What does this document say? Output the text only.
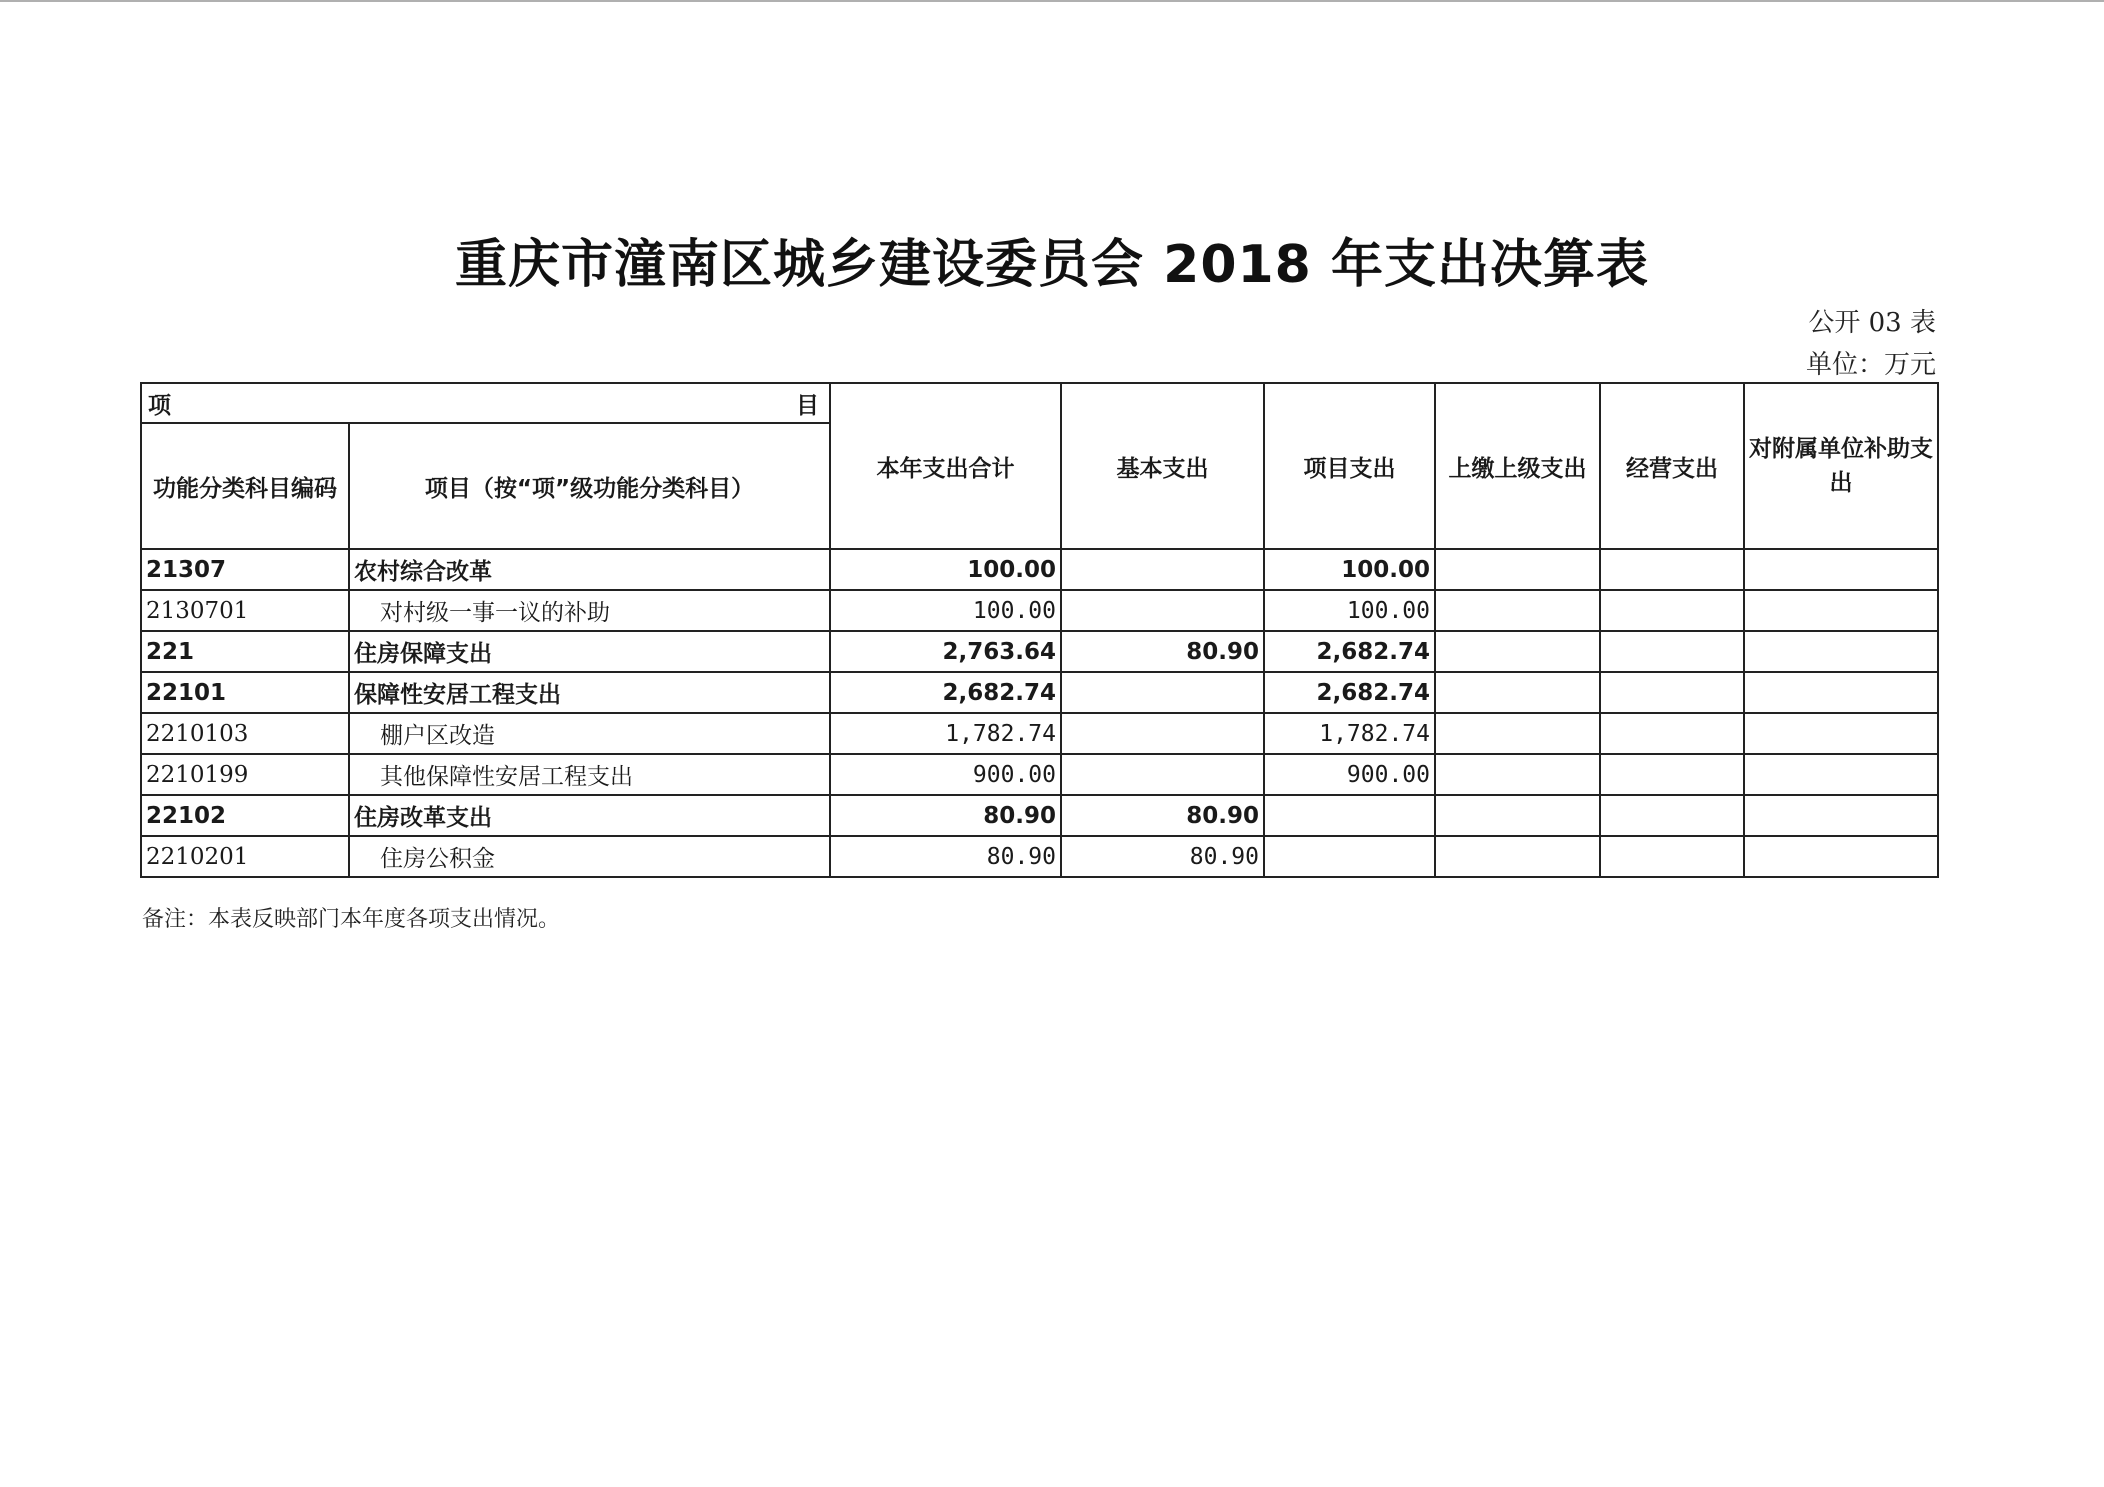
重庆市潼南区城乡建设委员会 2018 年支出决算表
公开 03 表
单位：万元
项 目		本年支出合计	基本支出	项目支出	上缴上级支出	经营支出	对附属单位补助支出
功能分类科目编码	项目（按“项”级功能分类科目）						
21307	农村综合改革	100.00		100.00			
2130701	对村级一事一议的补助	100.00		100.00			
221	住房保障支出	2,763.64	80.90	2,682.74			
22101	保障性安居工程支出	2,682.74		2,682.74			
2210103	棚户区改造	1,782.74		1,782.74			
2210199	其他保障性安居工程支出	900.00		900.00			
22102	住房改革支出	80.90	80.90				
2210201	住房公积金	80.90	80.90				
备注：本表反映部门本年度各项支出情况。
